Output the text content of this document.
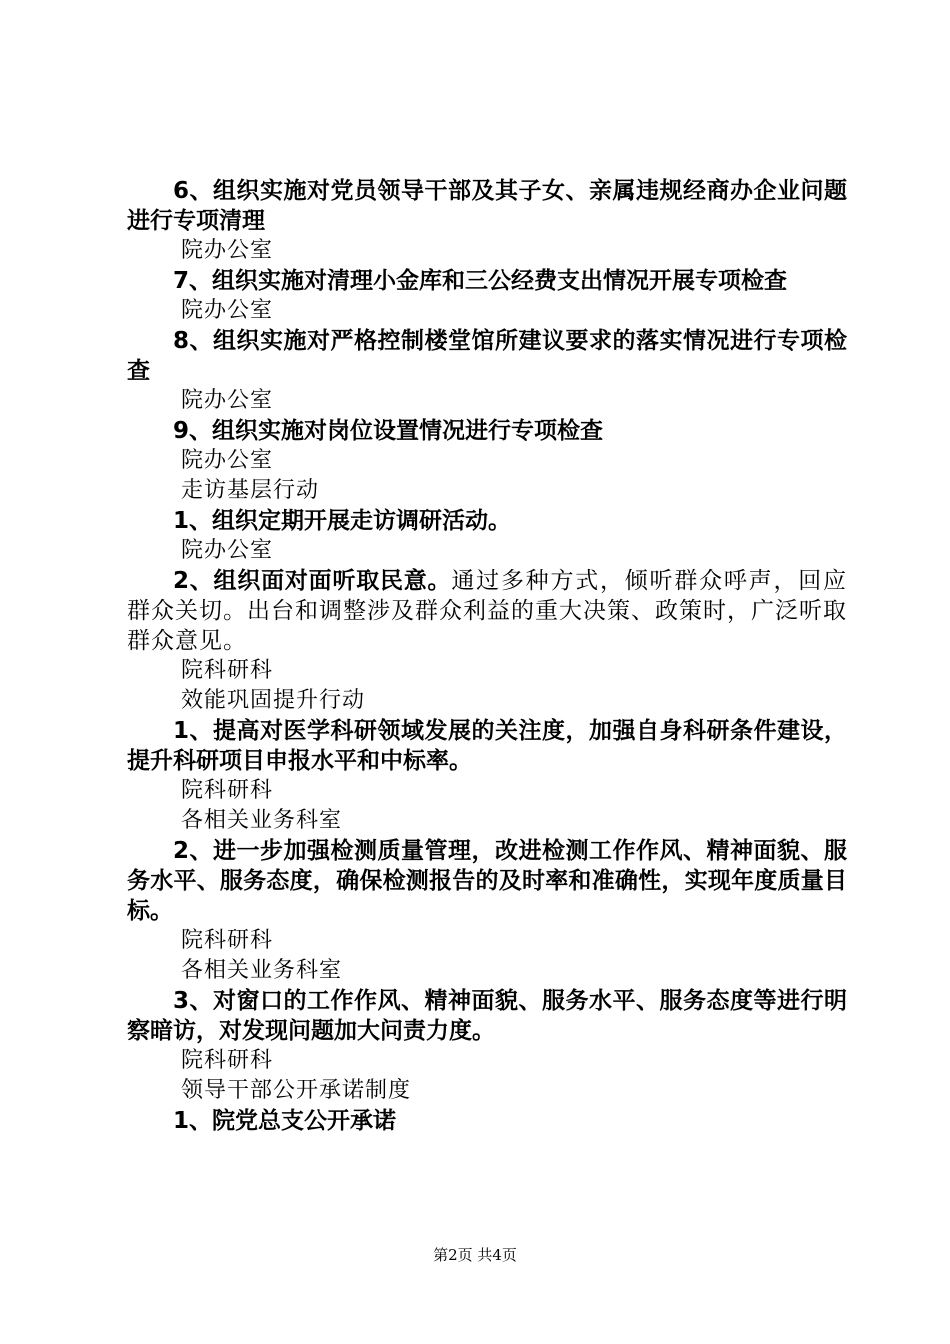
6、组织实施对党员领导干部及其子女、亲属违规经商办企业问题进行专项清理

院办公室

7、组织实施对清理小金库和三公经费支出情况开展专项检查

院办公室

8、组织实施对严格控制楼堂馆所建议要求的落实情况进行专项检查

院办公室

9、组织实施对岗位设置情况进行专项检查

院办公室

走访基层行动

1、组织定期开展走访调研活动。

院办公室

2、组织面对面听取民意。通过多种方式，倾听群众呼声，回应群众关切。出台和调整涉及群众利益的重大决策、政策时，广泛听取群众意见。

院科研科

效能巩固提升行动

1、提高对医学科研领域发展的关注度，加强自身科研条件建设，提升科研项目申报水平和中标率。

院科研科

各相关业务科室

2、进一步加强检测质量管理，改进检测工作作风、精神面貌、服务水平、服务态度，确保检测报告的及时率和准确性，实现年度质量目标。

院科研科

各相关业务科室

3、对窗口的工作作风、精神面貌、服务水平、服务态度等进行明察暗访，对发现问题加大问责力度。

院科研科

领导干部公开承诺制度

1、院党总支公开承诺

第2页 共4页
